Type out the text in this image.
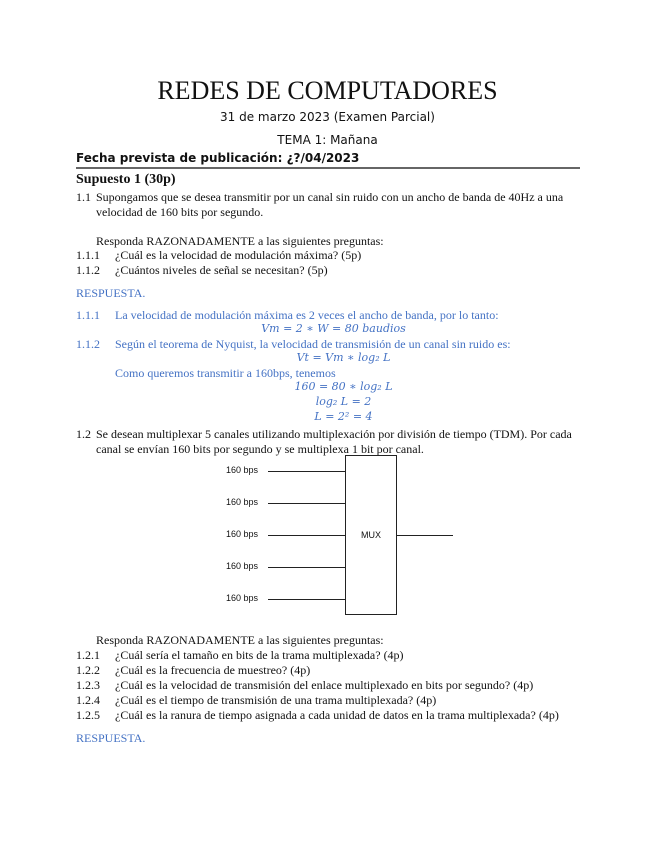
REDES DE COMPUTADORES
31 de marzo 2023 (Examen Parcial)
TEMA 1: Mañana
Fecha prevista de publicación: ¿?/04/2023
Supuesto 1 (30p)
1.1 Supongamos que se desea transmitir por un canal sin ruido con un ancho de banda de 40Hz a una
velocidad de 160 bits por segundo.
Responda RAZONADAMENTE a las siguientes preguntas:
1.1.1 ¿Cuál es la velocidad de modulación máxima? (5p)
1.1.2 ¿Cuántos niveles de señal se necesitan? (5p)
RESPUESTA.
1.1.1 La velocidad de modulación máxima es 2 veces el ancho de banda, por lo tanto:
Vm = 2 ∗ W = 80 baudios
1.1.2 Según el teorema de Nyquist, la velocidad de transmisión de un canal sin ruido es:
Vt = Vm ∗ log₂ L
Como queremos transmitir a 160bps, tenemos
160 = 80 ∗ log₂ L
log₂ L = 2
L = 2² = 4
1.2 Se desean multiplexar 5 canales utilizando multiplexación por división de tiempo (TDM). Por cada
canal se envían 160 bits por segundo y se multiplexa 1 bit por canal.
160 bps
160 bps
160 bps
160 bps
160 bps
MUX
Responda RAZONADAMENTE a las siguientes preguntas:
1.2.1 ¿Cuál sería el tamaño en bits de la trama multiplexada? (4p)
1.2.2 ¿Cuál es la frecuencia de muestreo? (4p)
1.2.3 ¿Cuál es la velocidad de transmisión del enlace multiplexado en bits por segundo? (4p)
1.2.4 ¿Cuál es el tiempo de transmisión de una trama multiplexada? (4p)
1.2.5 ¿Cuál es la ranura de tiempo asignada a cada unidad de datos en la trama multiplexada? (4p)
RESPUESTA.
